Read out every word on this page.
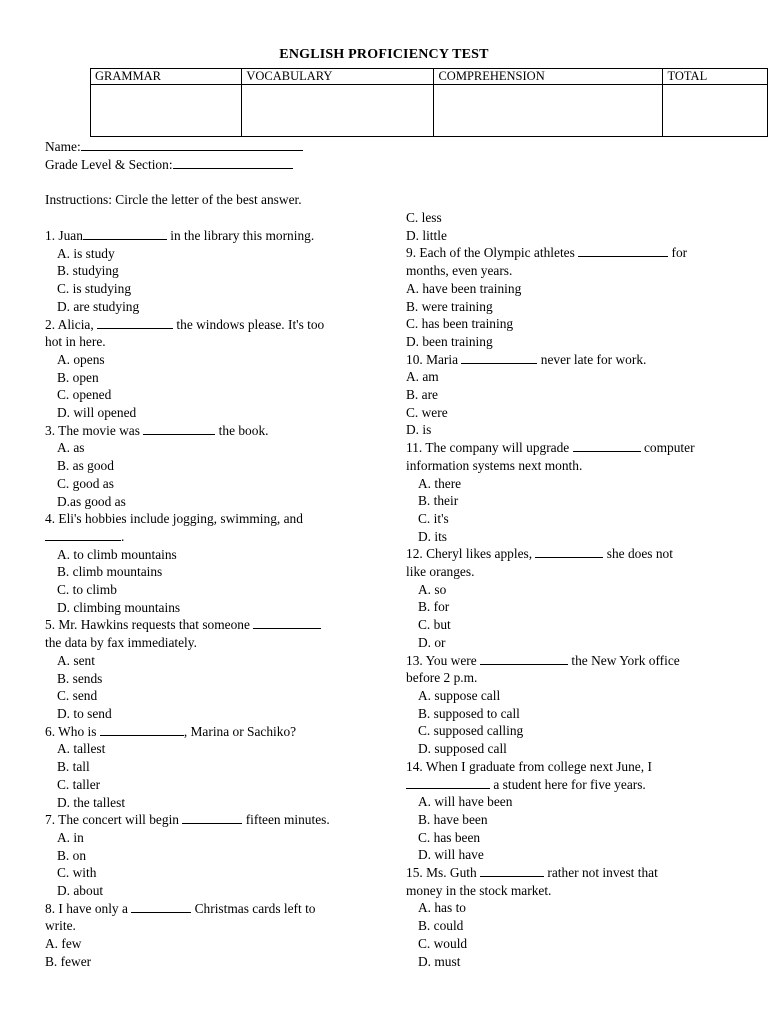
ENGLISH PROFICIENCY TEST
GRAMMAR	VOCABULARY	COMPREHENSION	TOTAL

Name:
Grade Level & Section:
Instructions: Circle the letter of the best answer.
1. Juan	in the library this morning.
A. is study
B. studying
C. is studying
D. are studying
2. Alicia,	the windows please. It's too
hot in here.
A. opens
B. open
C. opened
D. will opened
3. The movie was	the book.
A. as
B. as good
C. good as
D.as good as
4. Eli's hobbies include jogging, swimming, and
.
A. to climb mountains
B. climb mountains
C. to climb
D. climbing mountains
5. Mr. Hawkins requests that someone
the data by fax immediately.
A. sent
B. sends
C. send
D. to send
6. Who is	, Marina or Sachiko?
A. tallest
B. tall
C. taller
D. the tallest
7. The concert will begin	fifteen minutes.
A. in
B. on
C. with
D. about
8. I have only a	Christmas cards left to
write.
A. few
B. fewer
C. less
D. little
9. Each of the Olympic athletes	for
months, even years.
A. have been training
B. were training
C. has been training
D. been training
10. Maria	never late for work.
A. am
B. are
C. were
D. is
11. The company will upgrade	computer
information systems next month.
A. there
B. their
C. it's
D. its
12. Cheryl likes apples,	she does not
like oranges.
A. so
B. for
C. but
D. or
13. You were	the New York office
before 2 p.m.
A. suppose call
B. supposed to call
C. supposed calling
D. supposed call
14. When I graduate from college next June, I
a student here for five years.
A. will have been
B. have been
C. has been
D. will have
15. Ms. Guth	rather not invest that
money in the stock market.
A. has to
B. could
C. would
D. must
